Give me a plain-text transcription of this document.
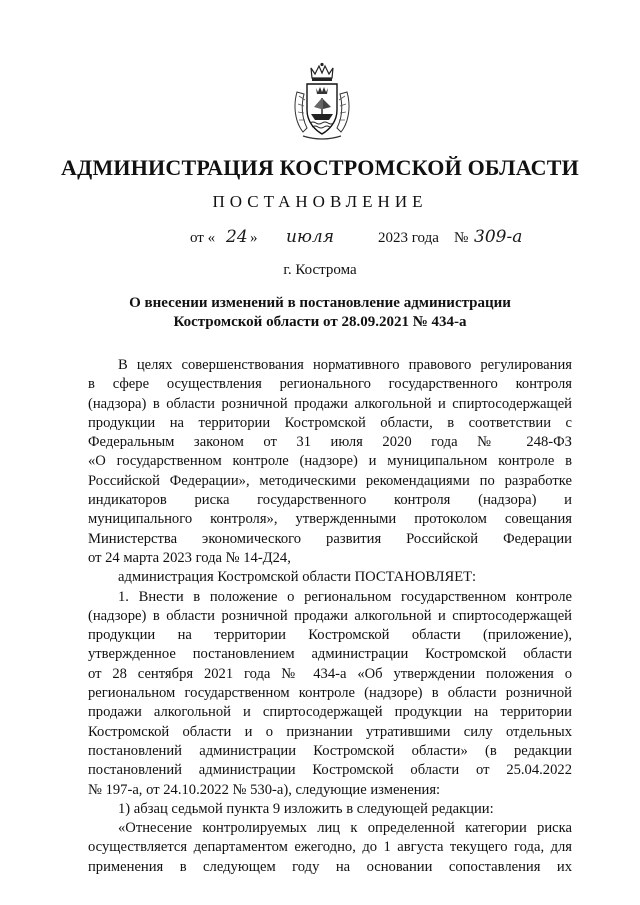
АДМИНИСТРАЦИЯ КОСТРОМСКОЙ ОБЛАСТИ
ПОСТАНОВЛЕНИЕ
от « 24 » июля	2023 года № 309-а
г. Кострома
О внесении изменений в постановление администрации
Костромской области от 28.09.2021 № 434-а

В целях совершенствования нормативного правового регулирования

в сфере осуществления регионального государственного контроля

(надзора) в области розничной продажи алкогольной и спиртосодержащей

продукции на территории Костромской области, в соответствии с

Федеральным законом от 31 июля 2020 года № 248-ФЗ

«О государственном контроле (надзоре) и муниципальном контроле в

Российской Федерации», методическими рекомендациями по разработке

индикаторов риска государственного контроля (надзора) и

муниципального контроля», утвержденными протоколом совещания

Министерства экономического развития Российской Федерации

от 24 марта 2023 года № 14-Д24,

администрация Костромской области ПОСТАНОВЛЯЕТ:

1. Внести в положение о региональном государственном контроле

(надзоре) в области розничной продажи алкогольной и спиртосодержащей

продукции на территории Костромской области (приложение),

утвержденное постановлением администрации Костромской области

от 28 сентября 2021 года № 434-а «Об утверждении положения о

региональном государственном контроле (надзоре) в области розничной

продажи алкогольной и спиртосодержащей продукции на территории

Костромской области и о признании утратившими силу отдельных

постановлений администрации Костромской области» (в редакции

постановлений администрации Костромской области от 25.04.2022

№ 197-а, от 24.10.2022 № 530-а), следующие изменения:

1) абзац седьмой пункта 9 изложить в следующей редакции:

«Отнесение контролируемых лиц к определенной категории риска

осуществляется департаментом ежегодно, до 1 августа текущего года, для

применения в следующем году на основании сопоставления их
